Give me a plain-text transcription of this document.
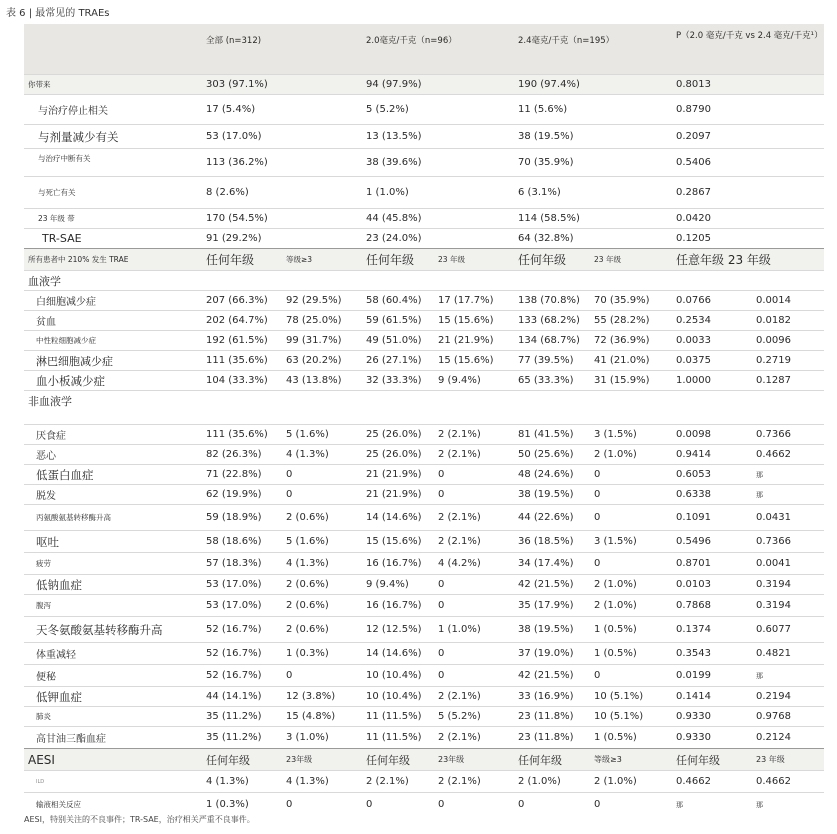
表 6 | 最常见的 TRAEs
	全部 (n=312)		2.0毫克/千克（n=96）		2.4毫克/千克（n=195）		P（2.0 毫克/千克 vs 2.4 毫克/千克¹）	
你带来	303 (97.1%)		94 (97.9%)		190 (97.4%)		0.8013	
与治疗停止相关	17 (5.4%)		5 (5.2%)		11 (5.6%)		0.8790	
与剂量减少有关	53 (17.0%)		13 (13.5%)		38 (19.5%)		0.2097	
与治疗中断有关	113 (36.2%)		38 (39.6%)		70 (35.9%)		0.5406	
与死亡有关	8 (2.6%)		1 (1.0%)		6 (3.1%)		0.2867	
23 年级 带	170 (54.5%)		44 (45.8%)		114 (58.5%)		0.0420	
TR-SAE	91 (29.2%)		23 (24.0%)		64 (32.8%)		0.1205	
所有患者中 210% 发生 TRAE	任何年级	等级≥3	任何年级	23 年级	任何年级	23 年级	任意年级 23 年级	
血液学								
白细胞减少症	207 (66.3%)	92 (29.5%)	58 (60.4%)	17 (17.7%)	138 (70.8%)	70 (35.9%)	0.0766	0.0014
贫血	202 (64.7%)	78 (25.0%)	59 (61.5%)	15 (15.6%)	133 (68.2%)	55 (28.2%)	0.2534	0.0182
中性粒细胞减少症	192 (61.5%)	99 (31.7%)	49 (51.0%)	21 (21.9%)	134 (68.7%)	72 (36.9%)	0.0033	0.0096
淋巴细胞减少症	111 (35.6%)	63 (20.2%)	26 (27.1%)	15 (15.6%)	77 (39.5%)	41 (21.0%)	0.0375	0.2719
血小板减少症	104 (33.3%)	43 (13.8%)	32 (33.3%)	9 (9.4%)	65 (33.3%)	31 (15.9%)	1.0000	0.1287
非血液学								
厌食症	111 (35.6%)	5 (1.6%)	25 (26.0%)	2 (2.1%)	81 (41.5%)	3 (1.5%)	0.0098	0.7366
恶心	82 (26.3%)	4 (1.3%)	25 (26.0%)	2 (2.1%)	50 (25.6%)	2 (1.0%)	0.9414	0.4662
低蛋白血症	71 (22.8%)	0	21 (21.9%)	0	48 (24.6%)	0	0.6053	那
脱发	62 (19.9%)	0	21 (21.9%)	0	38 (19.5%)	0	0.6338	那
丙氨酸氨基转移酶升高	59 (18.9%)	2 (0.6%)	14 (14.6%)	2 (2.1%)	44 (22.6%)	0	0.1091	0.0431
呕吐	58 (18.6%)	5 (1.6%)	15 (15.6%)	2 (2.1%)	36 (18.5%)	3 (1.5%)	0.5496	0.7366
疲劳	57 (18.3%)	4 (1.3%)	16 (16.7%)	4 (4.2%)	34 (17.4%)	0	0.8701	0.0041
低钠血症	53 (17.0%)	2 (0.6%)	9 (9.4%)	0	42 (21.5%)	2 (1.0%)	0.0103	0.3194
腹泻	53 (17.0%)	2 (0.6%)	16 (16.7%)	0	35 (17.9%)	2 (1.0%)	0.7868	0.3194
天冬氨酸氨基转移酶升高	52 (16.7%)	2 (0.6%)	12 (12.5%)	1 (1.0%)	38 (19.5%)	1 (0.5%)	0.1374	0.6077
体重减轻	52 (16.7%)	1 (0.3%)	14 (14.6%)	0	37 (19.0%)	1 (0.5%)	0.3543	0.4821
便秘	52 (16.7%)	0	10 (10.4%)	0	42 (21.5%)	0	0.0199	那
低钾血症	44 (14.1%)	12 (3.8%)	10 (10.4%)	2 (2.1%)	33 (16.9%)	10 (5.1%)	0.1414	0.2194
肺炎	35 (11.2%)	15 (4.8%)	11 (11.5%)	5 (5.2%)	23 (11.8%)	10 (5.1%)	0.9330	0.9768
高甘油三酯血症	35 (11.2%)	3 (1.0%)	11 (11.5%)	2 (2.1%)	23 (11.8%)	1 (0.5%)	0.9330	0.2124
AESI	任何年级	23年级	任何年级	23年级	任何年级	等级≥3	任何年级	23 年级
ILD	4 (1.3%)	4 (1.3%)	2 (2.1%)	2 (2.1%)	2 (1.0%)	2 (1.0%)	0.4662	0.4662
输液相关反应	1 (0.3%)	0	0	0	0	0	那	那
AESI，特别关注的不良事件；TR-SAE，治疗相关严重不良事件。
